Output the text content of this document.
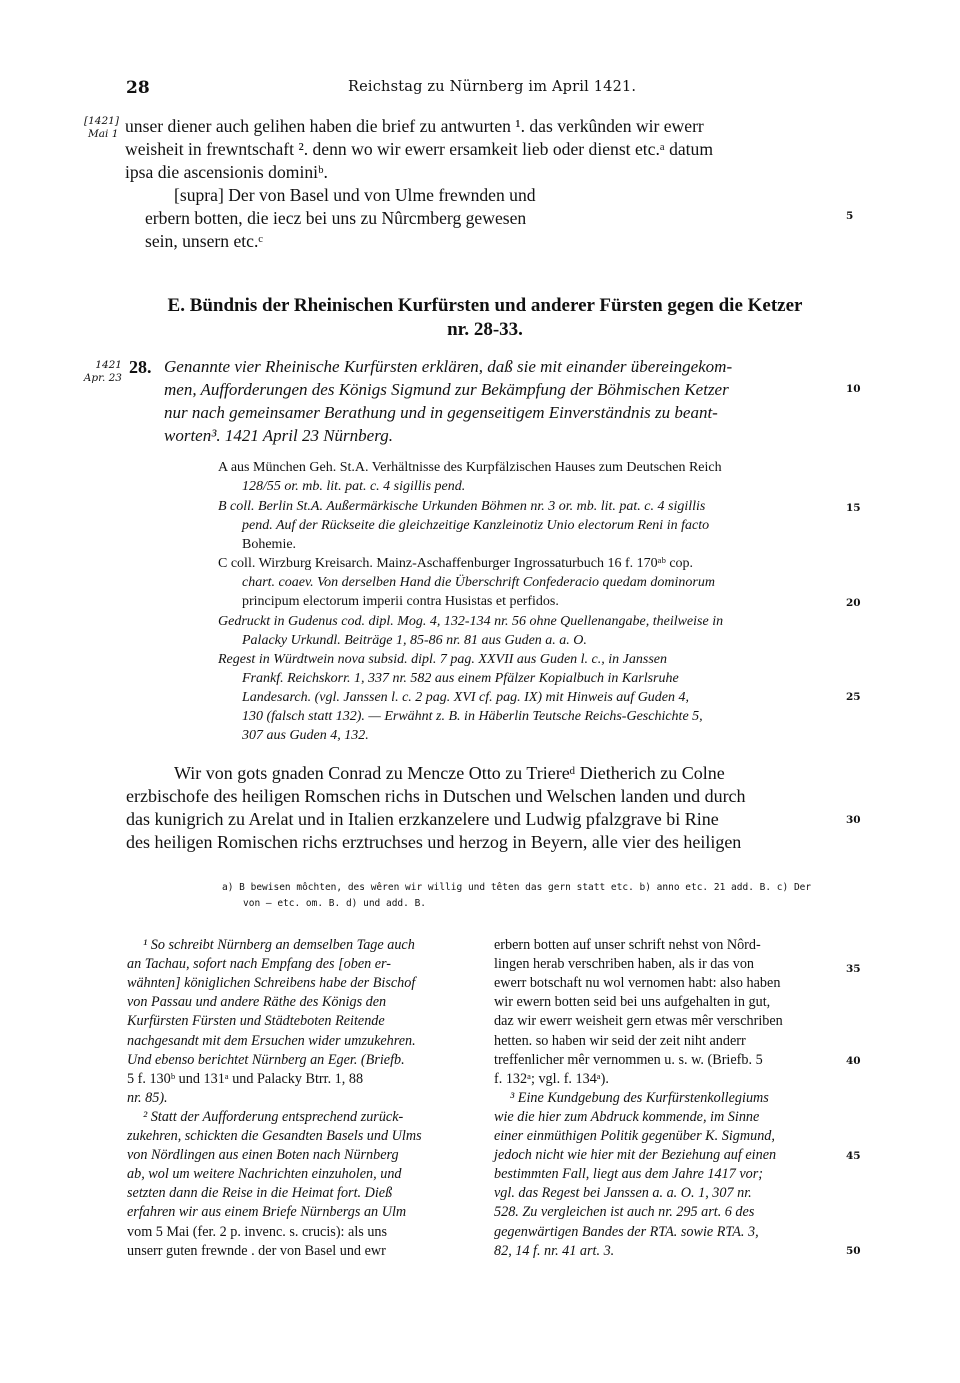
28	Reichstag zu Nürnberg im April 1421.
[1421]
Mai 1
1421
Apr. 23
5
10
15
20
25
30
35
40
45
50
unser diener auch gelihen haben die brief zu antwurten ¹. das verkûnden wir ewerr
weisheit in frewntschaft ². denn wo wir ewerr ersamkeit lieb oder dienst etc.ᵃ datum
ipsa die ascensionis dominiᵇ.
[supra] Der von Basel und von Ulme frewnden und
erbern botten, die iecz bei uns zu Nûrcmberg gewesen
sein, unsern etc.ᶜ
E. Bündnis der Rheinischen Kurfürsten und anderer Fürsten gegen die Ketzer
nr. 28-33.
28. Genannte vier Rheinische Kurfürsten erklären, daß sie mit einander übereingekom-
men, Aufforderungen des Königs Sigmund zur Bekämpfung der Böhmischen Ketzer
nur nach gemeinsamer Berathung und in gegenseitigem Einverständnis zu beant-
worten³. 1421 April 23 Nürnberg.
A aus München Geh. St.A. Verhältnisse des Kurpfälzischen Hauses zum Deutschen Reich
128/55 or. mb. lit. pat. c. 4 sigillis pend.
B coll. Berlin St.A. Außermärkische Urkunden Böhmen nr. 3 or. mb. lit. pat. c. 4 sigillis
pend. Auf der Rückseite die gleichzeitige Kanzleinotiz Unio electorum Reni in facto
Bohemie.
C coll. Wirzburg Kreisarch. Mainz-Aschaffenburger Ingrossaturbuch 16 f. 170ᵃᵇ cop.
chart. coaev. Von derselben Hand die Überschrift Confederacio quedam dominorum
principum electorum imperii contra Husistas et perfidos.
Gedruckt in Gudenus cod. dipl. Mog. 4, 132-134 nr. 56 ohne Quellenangabe, theilweise in
Palacky Urkundl. Beiträge 1, 85-86 nr. 81 aus Guden a. a. O.
Regest in Würdtwein nova subsid. dipl. 7 pag. XXVII aus Guden l. c., in Janssen
Frankf. Reichskorr. 1, 337 nr. 582 aus einem Pfälzer Kopialbuch in Karlsruhe
Landesarch. (vgl. Janssen l. c. 2 pag. XVI cf. pag. IX) mit Hinweis auf Guden 4,
130 (falsch statt 132). — Erwähnt z. B. in Häberlin Teutsche Reichs-Geschichte 5,
307 aus Guden 4, 132.
Wir von gots gnaden Conrad zu Mencze Otto zu Triereᵈ Dietherich zu Colne
erzbischofe des heiligen Romschen richs in Dutschen und Welschen landen und durch
das kunigrich zu Arelat und in Italien erzkanzelere und Ludwig pfalzgrave bi Rine
des heiligen Romischen richs erztruchses und herzog in Beyern, alle vier des heiligen
a) B bewisen môchten, des wêren wir willig und têten das gern statt etc. b) anno etc. 21 add. B. c) Der
von — etc. om. B. d) und add. B.
¹ So schreibt Nürnberg an demselben Tage auch
an Tachau, sofort nach Empfang des [oben er-
wähnten] königlichen Schreibens habe der Bischof
von Passau und andere Räthe des Königs den
Kurfürsten Fürsten und Städteboten Reitende
nachgesandt mit dem Ersuchen wider umzukehren.
Und ebenso berichtet Nürnberg an Eger. (Briefb.
5 f. 130ᵇ und 131ᵃ und Palacky Btrr. 1, 88
nr. 85).
² Statt der Aufforderung entsprechend zurück-
zukehren, schickten die Gesandten Basels und Ulms
von Nördlingen aus einen Boten nach Nürnberg
ab, wol um weitere Nachrichten einzuholen, und
setzten dann die Reise in die Heimat fort. Dieß
erfahren wir aus einem Briefe Nürnbergs an Ulm
vom 5 Mai (fer. 2 p. invenc. s. crucis): als uns
unserr guten frewnde . der von Basel und ewr
erbern botten auf unser schrift nehst von Nôrd-
lingen herab verschriben haben, als ir das von
ewerr botschaft nu wol vernomen habt: also haben
wir ewern botten seid bei uns aufgehalten in gut,
daz wir ewerr weisheit gern etwas mêr verschriben
hetten. so haben wir seid der zeit niht anderr
treffenlicher mêr vernommen u. s. w. (Briefb. 5
f. 132ᵃ; vgl. f. 134ᵃ).
³ Eine Kundgebung des Kurfürstenkollegiums
wie die hier zum Abdruck kommende, im Sinne
einer einmüthigen Politik gegenüber K. Sigmund,
jedoch nicht wie hier mit der Beziehung auf einen
bestimmten Fall, liegt aus dem Jahre 1417 vor;
vgl. das Regest bei Janssen a. a. O. 1, 307 nr.
528. Zu vergleichen ist auch nr. 295 art. 6 des
gegenwärtigen Bandes der RTA. sowie RTA. 3,
82, 14 f. nr. 41 art. 3.
